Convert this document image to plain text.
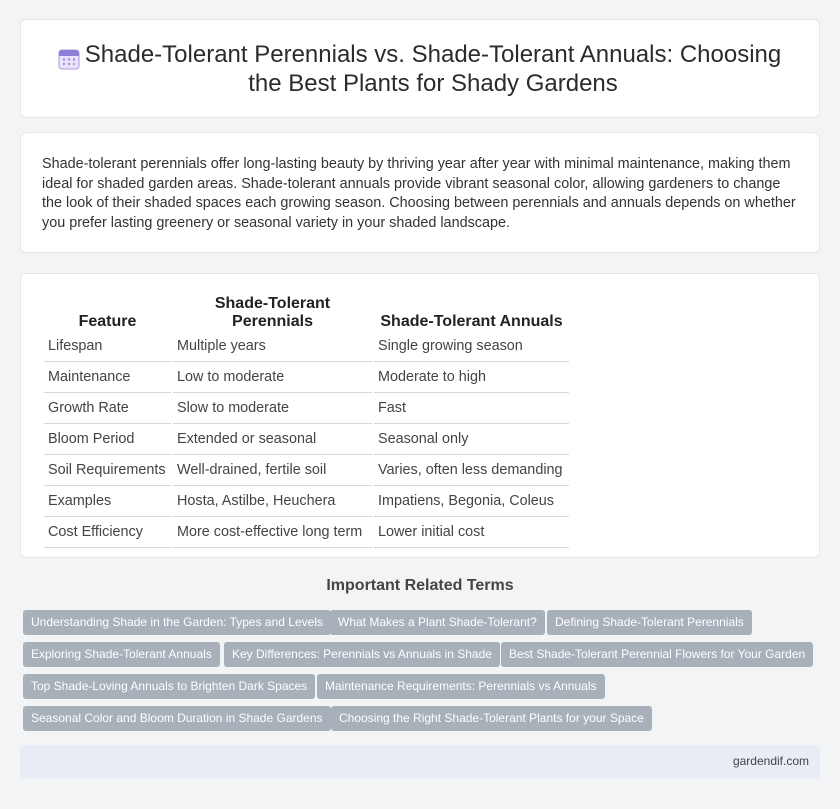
Shade-Tolerant Perennials vs. Shade-Tolerant Annuals: Choosing the Best Plants for Shady Gardens

Shade-tolerant perennials offer long-lasting beauty by thriving year after year with minimal maintenance, making them ideal for shaded garden areas. Shade-tolerant annuals provide vibrant seasonal color, allowing gardeners to change the look of their shaded spaces each growing season. Choosing between perennials and annuals depends on whether you prefer lasting greenery or seasonal variety in your shaded landscape.

Feature	Shade-Tolerant Perennials	Shade-Tolerant Annuals
Lifespan	Multiple years	Single growing season
Maintenance	Low to moderate	Moderate to high
Growth Rate	Slow to moderate	Fast
Bloom Period	Extended or seasonal	Seasonal only
Soil Requirements	Well-drained, fertile soil	Varies, often less demanding
Examples	Hosta, Astilbe, Heuchera	Impatiens, Begonia, Coleus
Cost Efficiency	More cost-effective long term	Lower initial cost
Important Related Terms
Understanding Shade in the Garden: Types and Levels	What Makes a Plant Shade-Tolerant?	Defining Shade-Tolerant Perennials
Exploring Shade-Tolerant Annuals	Key Differences: Perennials vs Annuals in Shade	Best Shade-Tolerant Perennial Flowers for Your Garden
Top Shade-Loving Annuals to Brighten Dark Spaces	Maintenance Requirements: Perennials vs Annuals
Seasonal Color and Bloom Duration in Shade Gardens	Choosing the Right Shade-Tolerant Plants for your Space
gardendif.com
